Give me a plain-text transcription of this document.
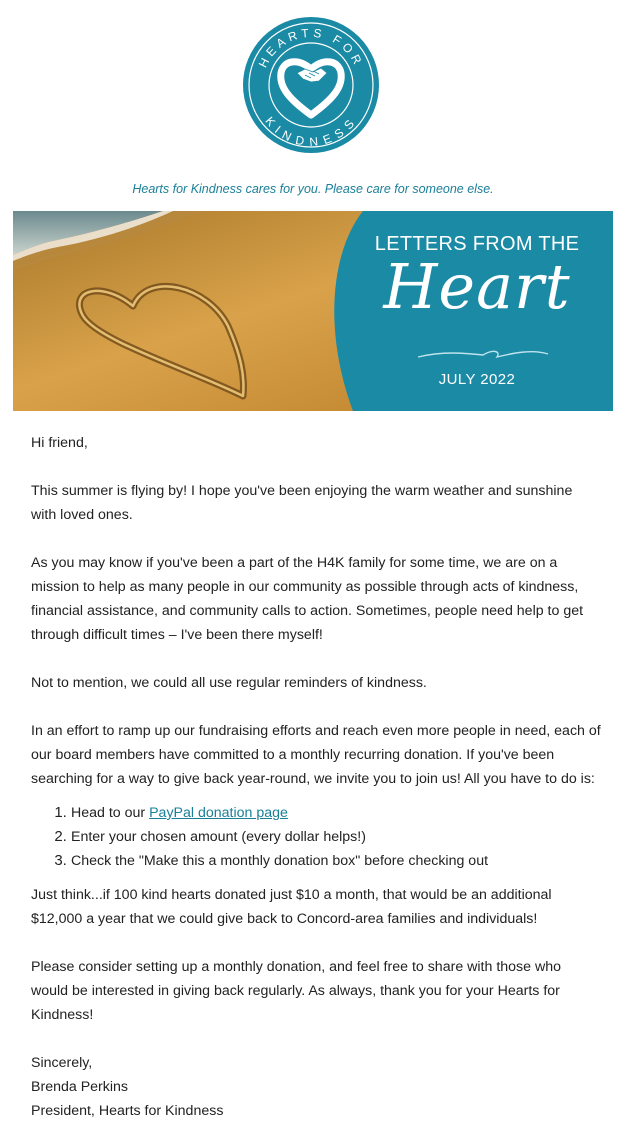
HEARTS FOR
KINDNESS
Hearts for Kindness cares for you. Please care for someone else.
LETTERS FROM THE
Heart
JULY 2022

Hi friend,

This summer is flying by! I hope you've been enjoying the warm weather and sunshine with loved ones.

As you may know if you've been a part of the H4K family for some time, we are on a mission to help as many people in our community as possible through acts of kindness, financial assistance, and community calls to action. Sometimes, people need help to get through difficult times – I've been there myself!

Not to mention, we could all use regular reminders of kindness.

In an effort to ramp up our fundraising efforts and reach even more people in need, each of our board members have committed to a monthly recurring donation. If you've been searching for a way to give back year-round, we invite you to join us! All you have to do is:

1. Head to our PayPal donation page
2. Enter your chosen amount (every dollar helps!)
3. Check the "Make this a monthly donation box" before checking out

Just think...if 100 kind hearts donated just $10 a month, that would be an additional $12,000 a year that we could give back to Concord-area families and individuals!

Please consider setting up a monthly donation, and feel free to share with those who would be interested in giving back regularly. As always, thank you for your Hearts for Kindness!

Sincerely,

Brenda Perkins

President, Hearts for Kindness
